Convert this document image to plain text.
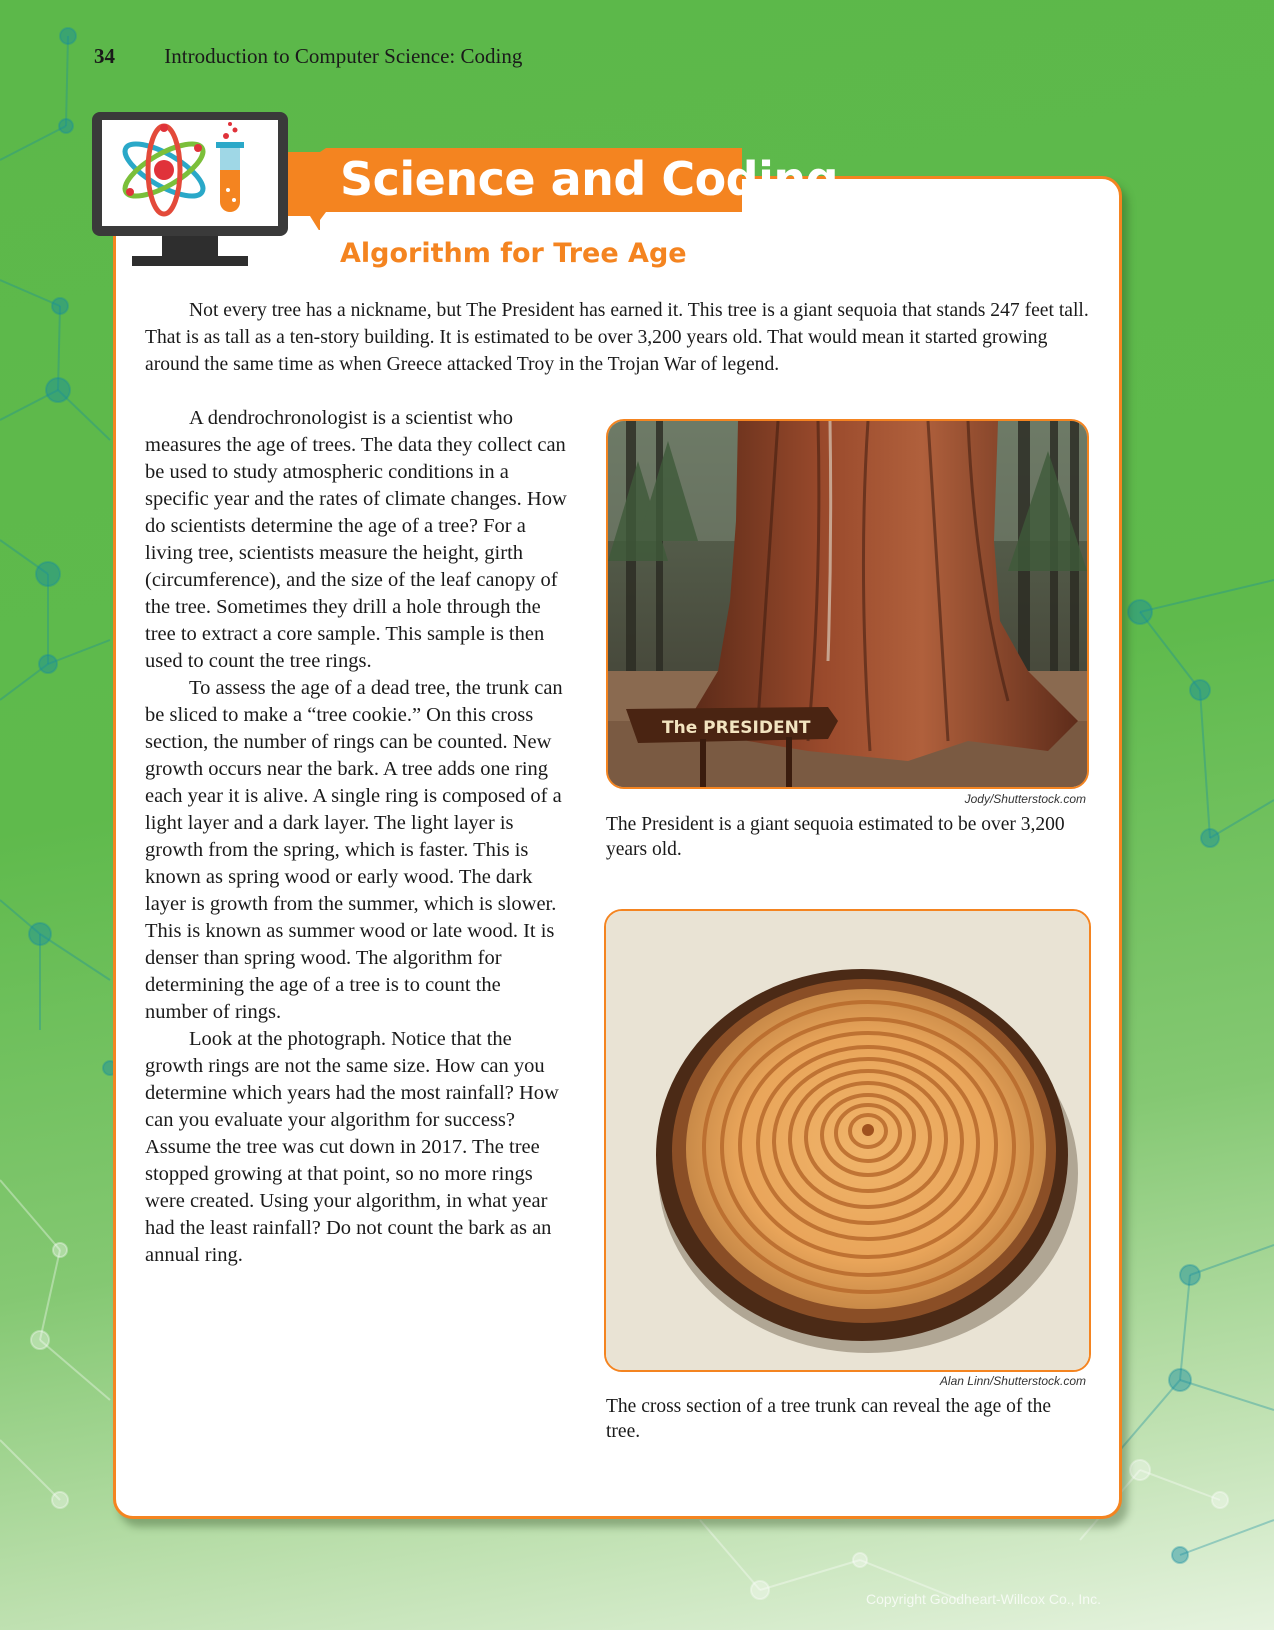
34 Introduction to Computer Science: Coding
Science and Coding
Algorithm for Tree Age

Not every tree has a nickname, but The President has earned it. This tree is a giant sequoia that stands 247 feet tall. That is as tall as a ten-story building. It is estimated to be over 3,200 years old. That would mean it started growing around the same time as when Greece attacked Troy in the Trojan War of legend.

A dendrochronologist is a scientist who measures the age of trees. The data they collect can be used to study atmospheric conditions in a specific year and the rates of climate changes. How do scientists determine the age of a tree? For a living tree, scientists measure the height, girth (circumference), and the size of the leaf canopy of the tree. Sometimes they drill a hole through the tree to extract a core sample. This sample is then used to count the tree rings.

To assess the age of a dead tree, the trunk can be sliced to make a “tree cookie.” On this cross section, the number of rings can be counted. New growth occurs near the bark. A tree adds one ring each year it is alive. A single ring is composed of a light layer and a dark layer. The light layer is growth from the spring, which is faster. This is known as spring wood or early wood. The dark layer is growth from the summer, which is slower. This is known as summer wood or late wood. It is denser than spring wood. The algorithm for determining the age of a tree is to count the number of rings.

Look at the photograph. Notice that the growth rings are not the same size. How can you determine which years had the most rainfall? How can you evaluate your algorithm for success? Assume the tree was cut down in 2017. The tree stopped growing at that point, so no more rings were created. Using your algorithm, in what year had the least rainfall? Do not count the bark as an annual ring.

The PRESIDENT
Jody/Shutterstock.com
The President is a giant sequoia estimated to be over 3,200 years old.
Alan Linn/Shutterstock.com
The cross section of a tree trunk can reveal the age of the tree.
Copyright Goodheart-Willcox Co., Inc.
